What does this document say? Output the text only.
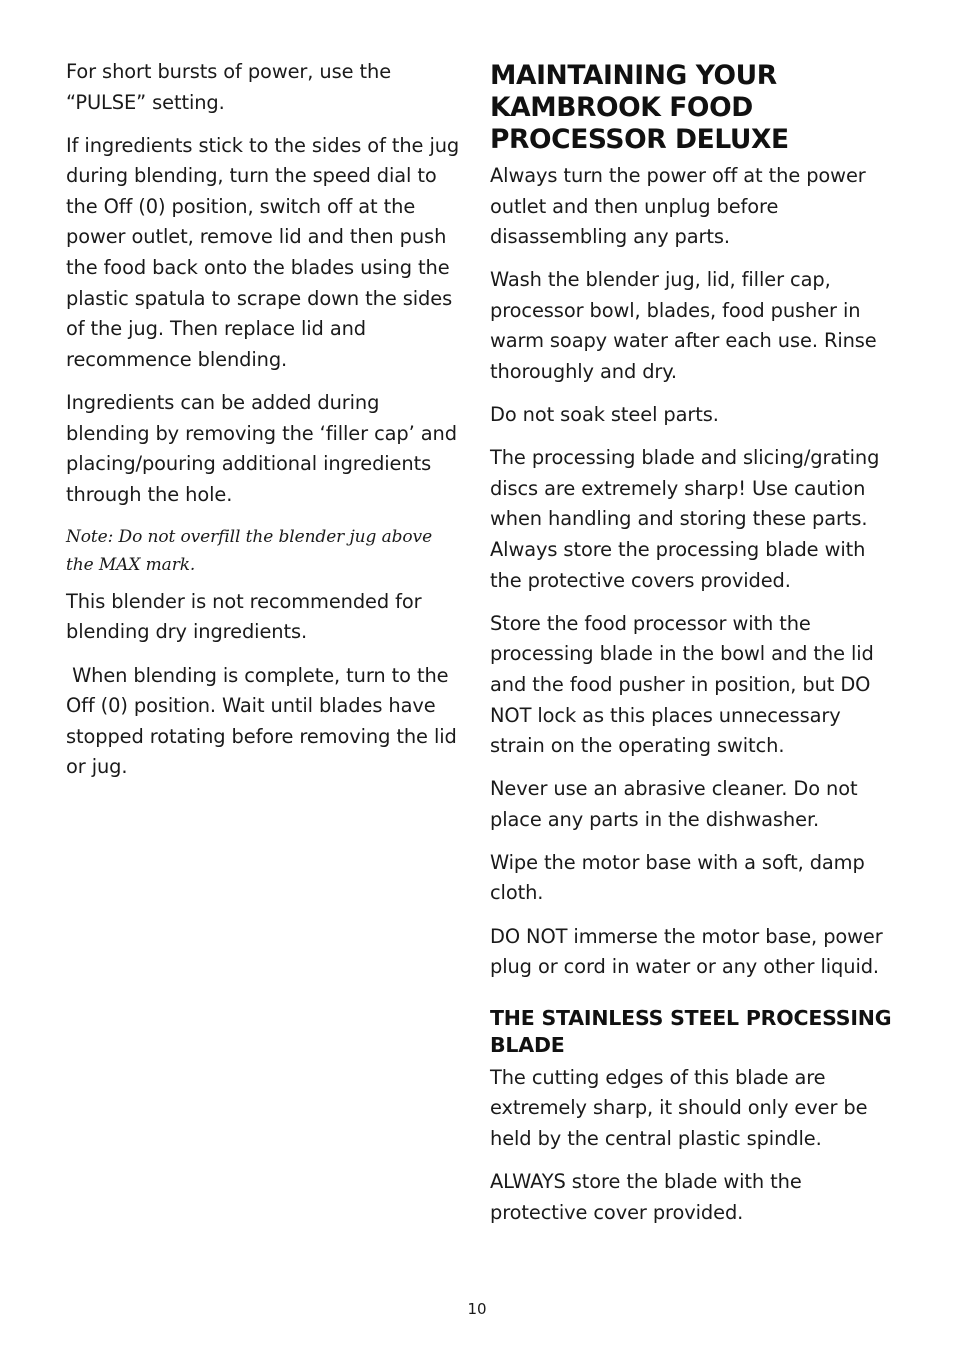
For short bursts of power, use the “PULSE” setting.

If ingredients stick to the sides of the jug during blending, turn the speed dial to the Off (0) position, switch off at the power outlet, remove lid and then push the food back onto the blades using the plastic spatula to scrape down the sides of the jug. Then replace lid and recommence blending.

Ingredients can be added during blending by removing the ‘filler cap’ and placing/pouring additional ingredients through the hole.

Note: Do not overfill the blender jug above the MAX mark.

This blender is not recommended for blending dry ingredients.

When blending is complete, turn to the Off (0) position. Wait until blades have stopped rotating before removing the lid or jug.

MAINTAINING YOUR KAMBROOK FOOD PROCESSOR DELUXE

Always turn the power off at the power outlet and then unplug before disassembling any parts.

Wash the blender jug, lid, filler cap, processor bowl, blades, food pusher in warm soapy water after each use. Rinse thoroughly and dry.

Do not soak steel parts.

The processing blade and slicing/grating discs are extremely sharp! Use caution when handling and storing these parts. Always store the processing blade with the protective covers provided.

Store the food processor with the processing blade in the bowl and the lid and the food pusher in position, but DO NOT lock as this places unnecessary strain on the operating switch.

Never use an abrasive cleaner. Do not place any parts in the dishwasher.

Wipe the motor base with a soft, damp cloth.

DO NOT immerse the motor base, power plug or cord in water or any other liquid.

THE STAINLESS STEEL PROCESSING BLADE

The cutting edges of this blade are extremely sharp, it should only ever be held by the central plastic spindle.

ALWAYS store the blade with the protective cover provided.

10
